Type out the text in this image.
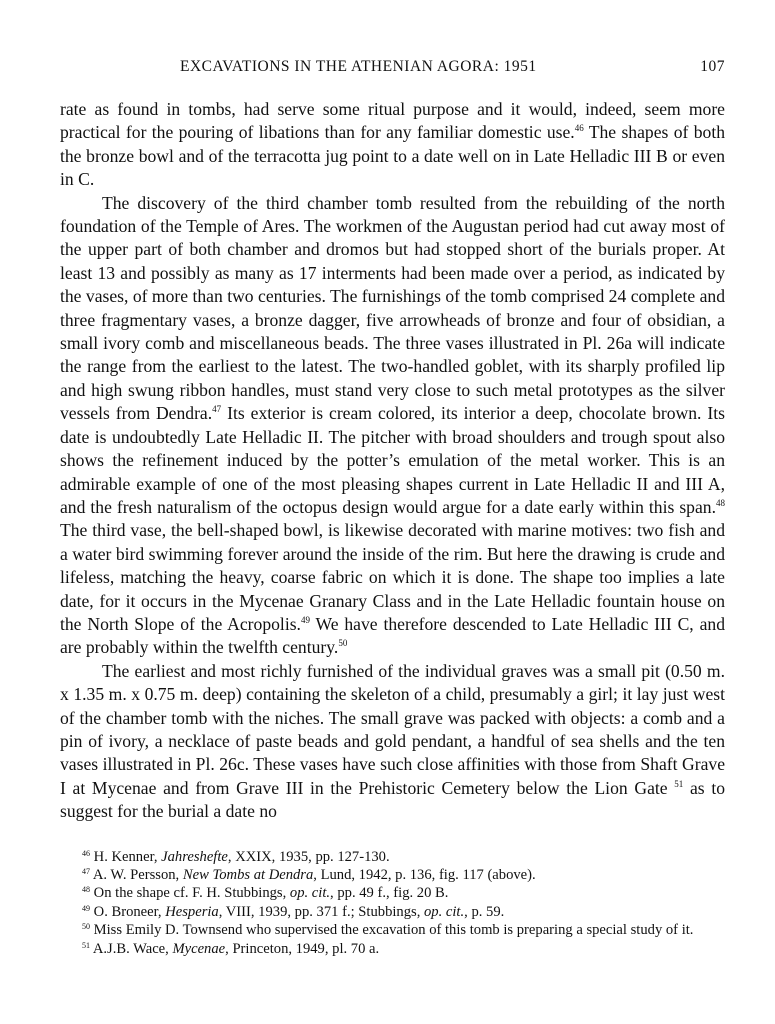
EXCAVATIONS IN THE ATHENIAN AGORA: 1951	107

rate as found in tombs, had serve some ritual purpose and it would, indeed, seem more practical for the pouring of libations than for any familiar domestic use.$^{46}$ The shapes of both the bronze bowl and of the terracotta jug point to a date well on in Late Helladic III B or even in C.

The discovery of the third chamber tomb resulted from the rebuilding of the north foundation of the Temple of Ares. The workmen of the Augustan period had cut away most of the upper part of both chamber and dromos but had stopped short of the burials proper. At least 13 and possibly as many as 17 interments had been made over a period, as indicated by the vases, of more than two centuries. The furnishings of the tomb comprised 24 complete and three fragmentary vases, a bronze dagger, five arrowheads of bronze and four of obsidian, a small ivory comb and miscellaneous beads. The three vases illustrated in Pl. 26a will indicate the range from the earliest to the latest. The two-handled goblet, with its sharply profiled lip and high swung ribbon handles, must stand very close to such metal prototypes as the silver vessels from Dendra.$^{47}$ Its exterior is cream colored, its interior a deep, chocolate brown. Its date is undoubtedly Late Helladic II. The pitcher with broad shoulders and trough spout also shows the refinement induced by the potter’s emulation of the metal worker. This is an admirable example of one of the most pleasing shapes current in Late Helladic II and III A, and the fresh naturalism of the octopus design would argue for a date early within this span.$^{48}$ The third vase, the bell-shaped bowl, is likewise decorated with marine motives: two fish and a water bird swimming forever around the inside of the rim. But here the drawing is crude and lifeless, matching the heavy, coarse fabric on which it is done. The shape too implies a late date, for it occurs in the Mycenae Granary Class and in the Late Helladic fountain house on the North Slope of the Acropolis.$^{49}$ We have therefore descended to Late Helladic III C, and are probably within the twelfth century.$^{50}$

The earliest and most richly furnished of the individual graves was a small pit (0.50 m. x 1.35 m. x 0.75 m. deep) containing the skeleton of a child, presumably a girl; it lay just west of the chamber tomb with the niches. The small grave was packed with objects: a comb and a pin of ivory, a necklace of paste beads and gold pendant, a handful of sea shells and the ten vases illustrated in Pl. 26c. These vases have such close affinities with those from Shaft Grave I at Mycenae and from Grave III in the Prehistoric Cemetery below the Lion Gate $^{51}$ as to suggest for the burial a date no

$^{46}$ H. Kenner, Jahreshefte, XXIX, 1935, pp. 127-130.

$^{47}$ A. W. Persson, New Tombs at Dendra, Lund, 1942, p. 136, fig. 117 (above).

$^{48}$ On the shape cf. F. H. Stubbings, op. cit., pp. 49 f., fig. 20 B.

$^{49}$ O. Broneer, Hesperia, VIII, 1939, pp. 371 f.; Stubbings, op. cit., p. 59.

$^{50}$ Miss Emily D. Townsend who supervised the excavation of this tomb is preparing a special study of it.

$^{51}$ A.J.B. Wace, Mycenae, Princeton, 1949, pl. 70 a.
